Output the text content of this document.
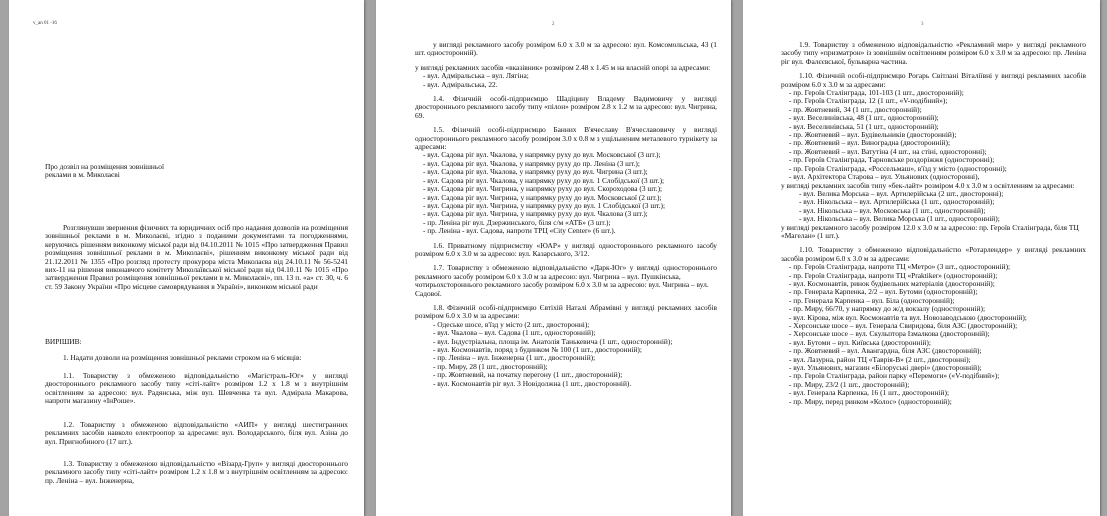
v_an 01 -16
Про дозвіл на розміщення зовнішньої реклами в м. Миколаєві
Розглянувши звернення фізичних та юридичних осіб про надання дозволів на розміщення зовнішньої реклами в м. Миколаєві, згідно з поданими документами та погодженнями, керуючись рішенням виконкому міської ради від 04.10.2011 № 1015 «Про затвердження Правил розміщення зовнішньої реклами в м. Миколаєві», рішенням виконкому міської ради від 21.12.2011 № 1355 «Про розгляд протесту прокурора міста Миколаєва від 24.10.11 № 56-5241 вих-11 на рішення виконавчого комітету Миколаївської міської ради від 04.10.11 № 1015 «Про затвердження Правил розміщення зовнішньої реклами в м. Миколаєві», пп. 13 п. «а» ст. 30, ч. 6 ст. 59 Закону України «Про місцеве самоврядування в Україні», виконком міської ради
ВИРІШИВ:
1. Надати дозволи на розміщення зовнішньої реклами строком на 6 місяців:
1.1. Товариству з обмеженою відповідальністю «Магістраль-Юг» у вигляді двостороннього рекламного засобу типу «сіті-лайт» розміром 1.2 х 1.8 м з внутрішнім освітленням за адресою: вул. Радянська, між вул. Шевченка та вул. Адмірала Макарова, напроти магазину «ІнРоше».
1.2. Товариству з обмеженою відповідальністю «АИП» у вигляді шестигранних рекламних засобів навколо електроопор за адресами: вул. Володарського, біля вул. Азіна до вул. Пригнобиного (17 шт.).
1.3. Товариству з обмеженою відповідальністю «Візард-Груп» у вигляді двостороннього рекламного засобу типу «сіті-лайт» розміром 1.2 х 1.8 м з внутрішнім освітленням за адресою: пр. Леніна – вул. Інженерна,
2

у вигляді рекламного засобу розміром 6.0 х 3.0 м за адресою: вул. Комсомольська, 43 (1 шт. односторонній).

у вигляді рекламних засобів «вказівник» розміром 2.48 х 1.45 м на власній опорі за адресами:

- вул. Адміральська – вул. Лягіна;

- вул. Адміральська, 22.

1.4. Фізичній особі-підприємцю Шадіцину Владему Вадимовичу у вигляді двостороннього рекламного засобу типу «пілон» розміром 2.8 х 1.2 м за адресою: вул. Чигрина, 69.

1.5. Фізичній особі-підприємцю Банних В'ячеславу В'ячеславовичу у вигляді одностороннього рекламного засобу розміром 3.0 х 0.8 м з ущільненим металевого турнікету за адресами:

- вул. Садова ріг вул. Чкалова, у напрямку руху до вул. Московської (3 шт.);

- вул. Садова ріг вул. Чкалова, у напрямку руху до пр. Леніна (3 шт.);

- вул. Садова ріг вул. Чкалова, у напрямку руху до вул. Чигрина (3 шт.);

- вул. Садова ріг вул. Чкалова, у напрямку руху до вул. 1 Слобідської (3 шт.);

- вул. Садова ріг вул. Чигрина, у напрямку руху до вул. Скороходова (3 шт.);

- вул. Садова ріг вул. Чигрина, у напрямку руху до вул. Московської (2 шт.);

- вул. Садова ріг вул. Чигрина, у напрямку руху до вул. 1 Слобідської (3 шт.);

- вул. Садова ріг вул. Чигрина, у напрямку руху до вул. Чкалова (3 шт.);

- пр. Леніна ріг вул. Дзержинського, біля с/м «АТБ» (3 шт.);

- пр. Леніна - вул. Садова, напроти ТРЦ «City Center» (6 шт.).

1.6. Приватному підприємству «ЮАР» у вигляді одностороннього рекламного засобу розміром 6.0 х 3.0 м за адресою: вул. Казарського, 3/12.

1.7. Товариству з обмеженою відповідальністю «Дарк-Юг» у вигляді одностороннього рекламного засобу розміром 6.0 х 3.0 м за адресою: вул. Чигрина – вул. Пушкінська,

чотирьохстороннього рекламного засобу розміром 6.0 х 3.0 м за адресою: вул. Чигрина – вул. Садової.

1.8. Фізичній особі-підприємцю Євтіхій Наталі Абрамівні у вигляді рекламних засобів розміром 6.0 х 3.0 м за адресами:

- Одеське шосе, в'їзд у місто (2 шт., двосторонні);

- вул. Чкалова – вул. Садова (1 шт., односторонній);

- вул. Індустріальна, площа ім. Анатолія Танькевича (1 шт., односторонній);

- вул. Космонавтів, поряд з будинком № 100 (1 шт., двосторонній);

- пр. Леніна – вул. Інженерна (1 шт., двосторонній);

- пр. Миру, 28 (1 шт., двосторонній);

- пр. Жовтневий, на початку перегону (1 шт., двосторонній);

- вул. Космонавтів ріг вул. 3 Новідолжна (1 шт., двосторонній).

3

1.9. Товариству з обмеженою відповідальністю «Рекламний мир» у вигляді рекламного засобу типу «призматрон» із зовнішнім освітленням розміром 6.0 х 3.0 м за адресою: пр. Леніна ріг вул. Фалєєвської, бульварна частина.

1.10. Фізичній особі-підприємцю Рогарь Світлані Віталіївні у вигляді рекламних засобів розміром 6.0 х 3.0 м за адресами:

- пр. Героїв Сталінграда, 101-103 (1 шт., двосторонній);

- пр. Героїв Сталінграда, 12 (1 шт., «V-подібний»);

- пр. Жовтневий, 34 (1 шт., двосторонній);

- вул. Веселинівська, 48 (1 шт., односторонній);

- вул. Веселинівська, 51 (1 шт., односторонній);

- пр. Жовтневий – вул. Будівельників (двосторонній);

- пр. Жовтневий – вул. Виноградна (двосторонній);

- пр. Жовтневий – вул. Ватутіна (4 шт., на стіні, односторонні);

- пр. Героїв Сталінграда, Тарновське роздоріжжя (односторонні);

- пр. Героїв Сталінграда, «Росcельмаш», в'їзд у місто (односторонні);

- вул. Архітектора Старова – вул. Ульянових (односторонні),

у вигляді рекламних засобів типу «бек-лайт» розміром 4.0 х 3.0 м з освітленням за адресами:

- вул. Велика Морська – вул. Артилерійська (2 шт., двосторонні);

- вул. Нікольська – вул. Артилерійська (1 шт., односторонній);

- вул. Нікольська – вул. Московська (1 шт., односторонній);

- вул. Нікольська – вул. Велика Морська (1 шт., односторонній);

у вигляді рекламного засобу розміром 12.0 х 3.0 м за адресою: пр. Героїв Сталінграда, біля ТЦ «Магелан» (1 шт.).

1.10. Товариству з обмеженою відповідальністю «Ротарлендер» у вигляді рекламних засобів розміром 6.0 х 3.0 м за адресами:

- пр. Героїв Сталінграда, напроти ТЦ «Метро» (3 шт., односторонній);

- пр. Героїв Сталінграда, напроти ТЦ «Praktiker» (односторонній);

- вул. Космонавтів, ринок будівельних матеріалів (двосторонній);

- пр. Генерала Карпенка, 2/2 – вул. Бутоми (односторонній);

- пр. Генерала Карпенка – вул. Біла (односторонній);

- пр. Миру, 66/70, у напрямку до ж/д вокзалу (односторонній);

- вул. Кірова, між вул. Космонавтів та вул. Новозаводською (двосторонній);

- Херсонське шосе – вул. Генерала Свиридова, біля АЗС (двосторонній);

- Херсонське шосе – вул. Скульптора Ізмалкова (двосторонній);

- вул. Бутоми – вул. Київська (двосторонній);

- пр. Жовтневий – вул. Авангардна, біля АЗС (двосторонній);

- вул. Лазурна, район ТЦ «Таврія-В» (2 шт., двосторонні);

- вул. Ульянових, магазин «Білоруські двері» (двосторонній);

- пр. Героїв Сталінграда, район парку «Перемоги» («V-подібний»);

- пр. Миру, 23/2 (1 шт., двосторонній);

- вул. Генерала Карпенка, 16 (1 шт., двосторонній);

- пр. Миру, перед ринком «Колос» (односторонній);
